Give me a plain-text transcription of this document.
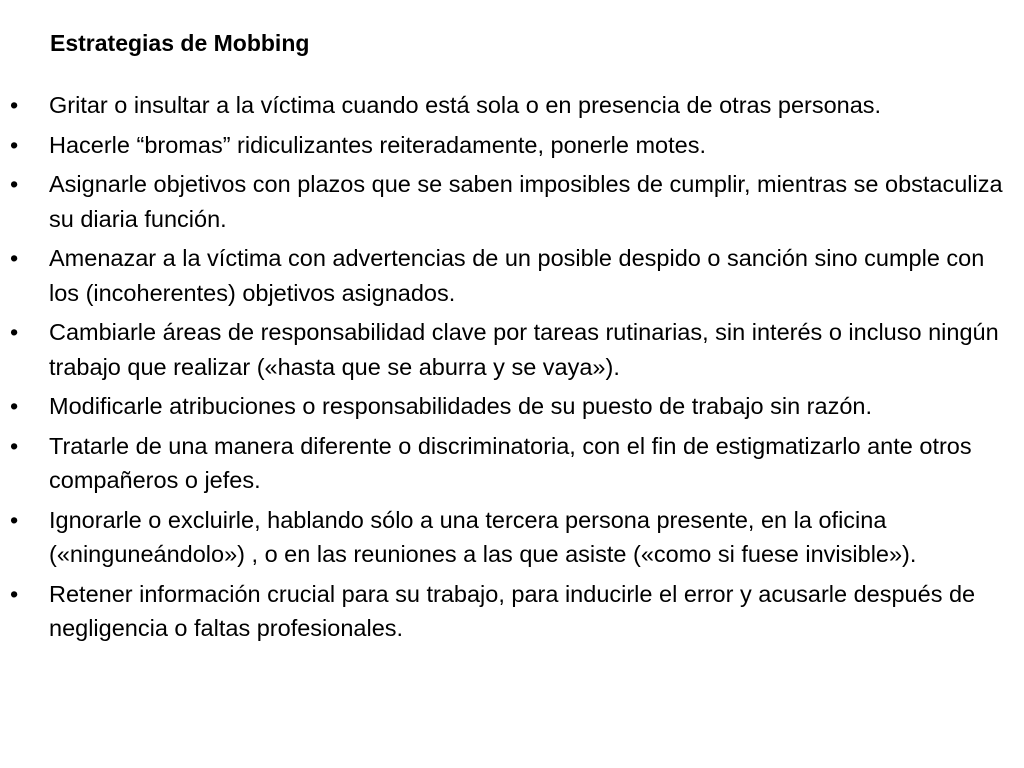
Estrategias de Mobbing
• Gritar o insultar a la víctima cuando está sola o en presencia de otras personas.
• Hacerle “bromas” ridiculizantes reiteradamente, ponerle motes.
• Asignarle objetivos con plazos que se saben imposibles de cumplir, mientras se obstaculiza su diaria función.
• Amenazar a la víctima con advertencias de un posible despido o sanción sino cumple con los (incoherentes) objetivos asignados.
• Cambiarle áreas de responsabilidad clave por tareas rutinarias, sin interés o incluso ningún trabajo que realizar («hasta que se aburra y se vaya»).
• Modificarle atribuciones o responsabilidades de su puesto de trabajo sin razón.
• Tratarle de una manera diferente o discriminatoria, con el fin de estigmatizarlo ante otros compañeros o jefes.
• Ignorarle o excluirle, hablando sólo a una tercera persona presente, en la oficina («ninguneándolo») , o en las reuniones a las que asiste («como si fuese invisible»).
• Retener información crucial para su trabajo, para inducirle el error y acusarle después de negligencia o faltas profesionales.
